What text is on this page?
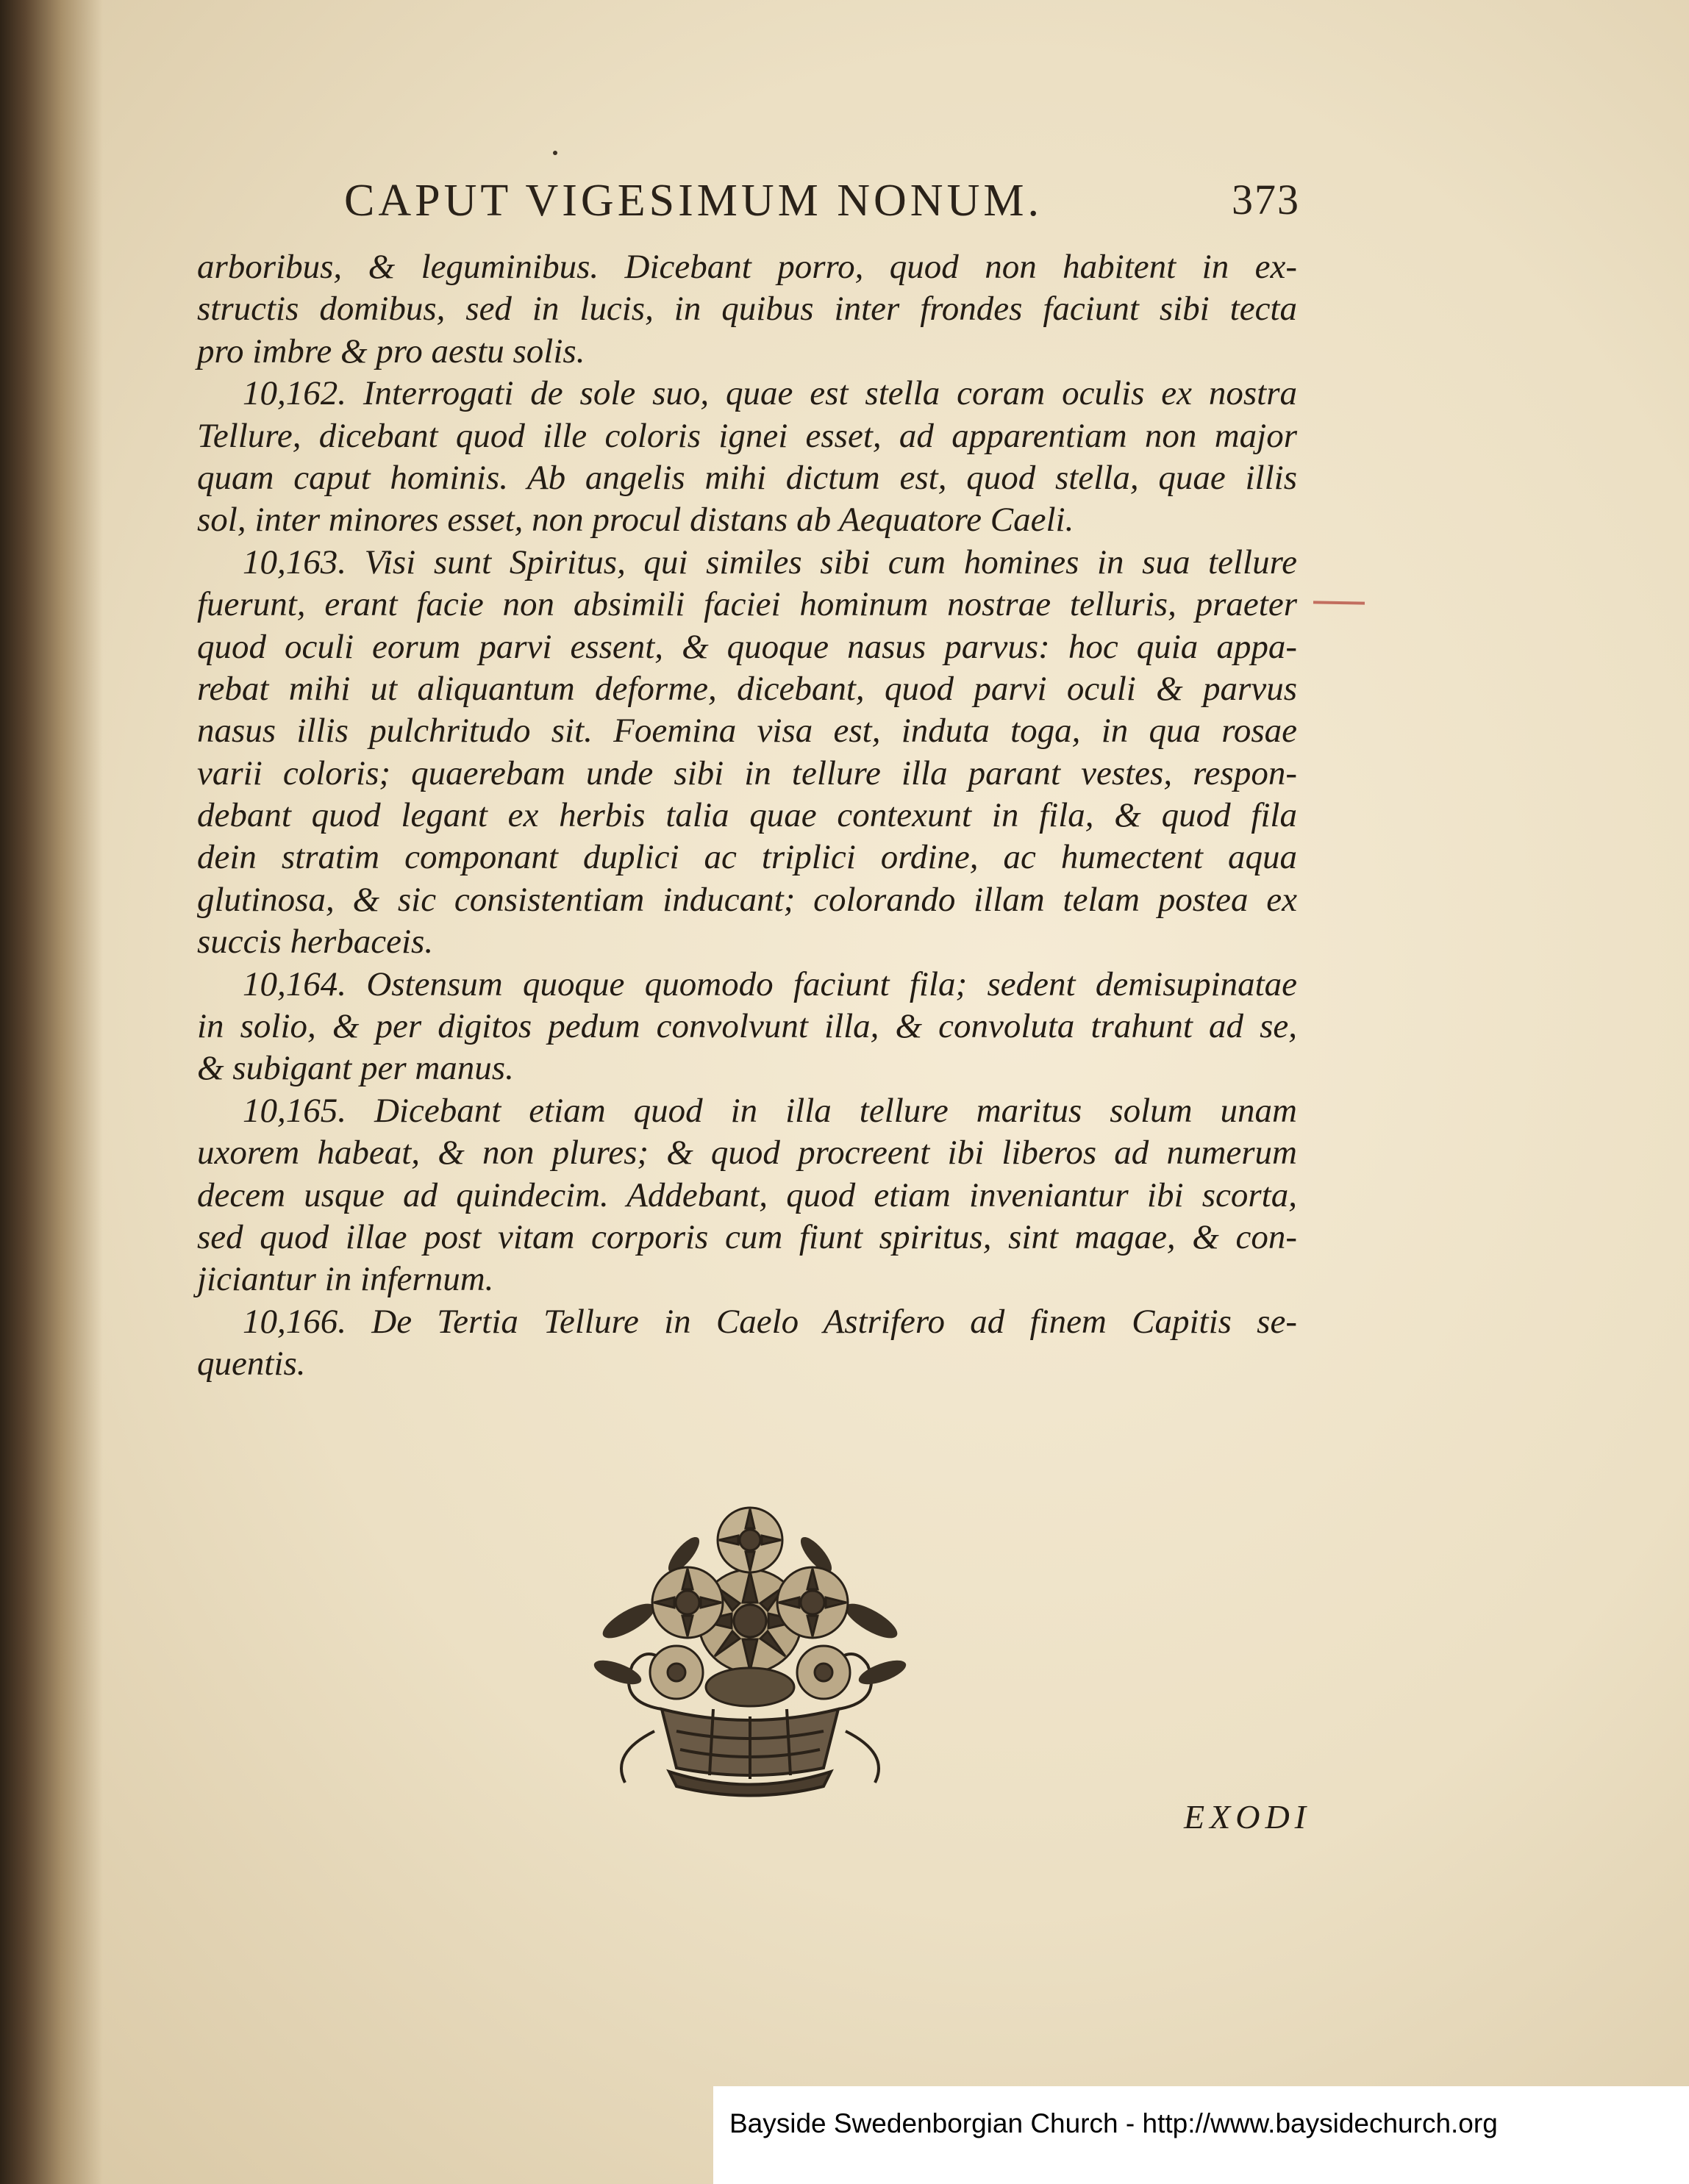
CAPUT VIGESIMUM NONUM.	373
arboribus, & leguminibus. Dicebant porro, quod non habitent in ex-
structis domibus, sed in lucis, in quibus inter frondes faciunt sibi tecta
pro imbre & pro aestu solis.
10,162. Interrogati de sole suo, quae est stella coram oculis ex nostra
Tellure, dicebant quod ille coloris ignei esset, ad apparentiam non major
quam caput hominis. Ab angelis mihi dictum est, quod stella, quae illis
sol, inter minores esset, non procul distans ab Aequatore Caeli.
10,163. Visi sunt Spiritus, qui similes sibi cum homines in sua tellure
fuerunt, erant facie non absimili faciei hominum nostrae telluris, praeter
quod oculi eorum parvi essent, & quoque nasus parvus: hoc quia appa-
rebat mihi ut aliquantum deforme, dicebant, quod parvi oculi & parvus
nasus illis pulchritudo sit. Foemina visa est, induta toga, in qua rosae
varii coloris; quaerebam unde sibi in tellure illa parant vestes, respon-
debant quod legant ex herbis talia quae contexunt in fila, & quod fila
dein stratim componant duplici ac triplici ordine, ac humectent aqua
glutinosa, & sic consistentiam inducant; colorando illam telam postea ex
succis herbaceis.
10,164. Ostensum quoque quomodo faciunt fila; sedent demisupinatae
in solio, & per digitos pedum convolvunt illa, & convoluta trahunt ad se,
& subigant per manus.
10,165. Dicebant etiam quod in illa tellure maritus solum unam
uxorem habeat, & non plures; & quod procreent ibi liberos ad numerum
decem usque ad quindecim. Addebant, quod etiam inveniantur ibi scorta,
sed quod illae post vitam corporis cum fiunt spiritus, sint magae, & con-
jiciantur in infernum.
10,166. De Tertia Tellure in Caelo Astrifero ad finem Capitis se-
quentis.
EXODI
Bayside Swedenborgian Church - http://www.baysidechurch.org
